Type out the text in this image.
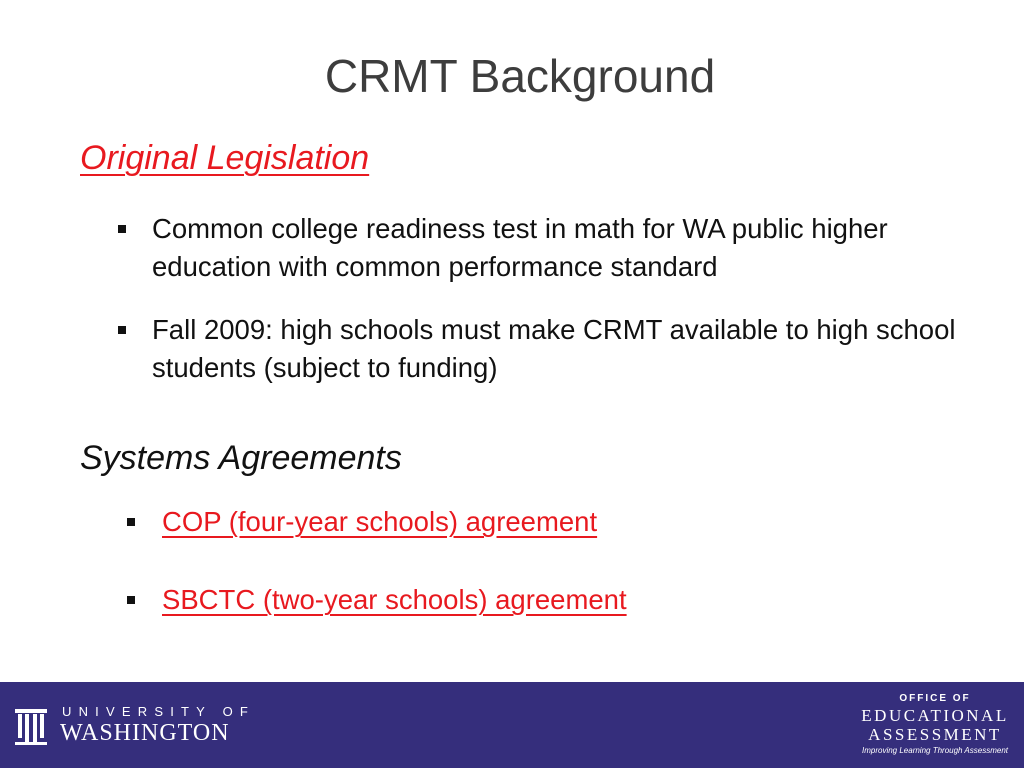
CRMT Background
Original Legislation
Common college readiness test in math for WA public higher education with common performance standard
Fall 2009: high schools must make CRMT available to high school students (subject to funding)
Systems Agreements
COP (four-year schools) agreement
SBCTC (two-year schools) agreement
UNIVERSITY OF
WASHINGTON
OFFICE OF
EDUCATIONAL
ASSESSMENT
Improving Learning Through Assessment
